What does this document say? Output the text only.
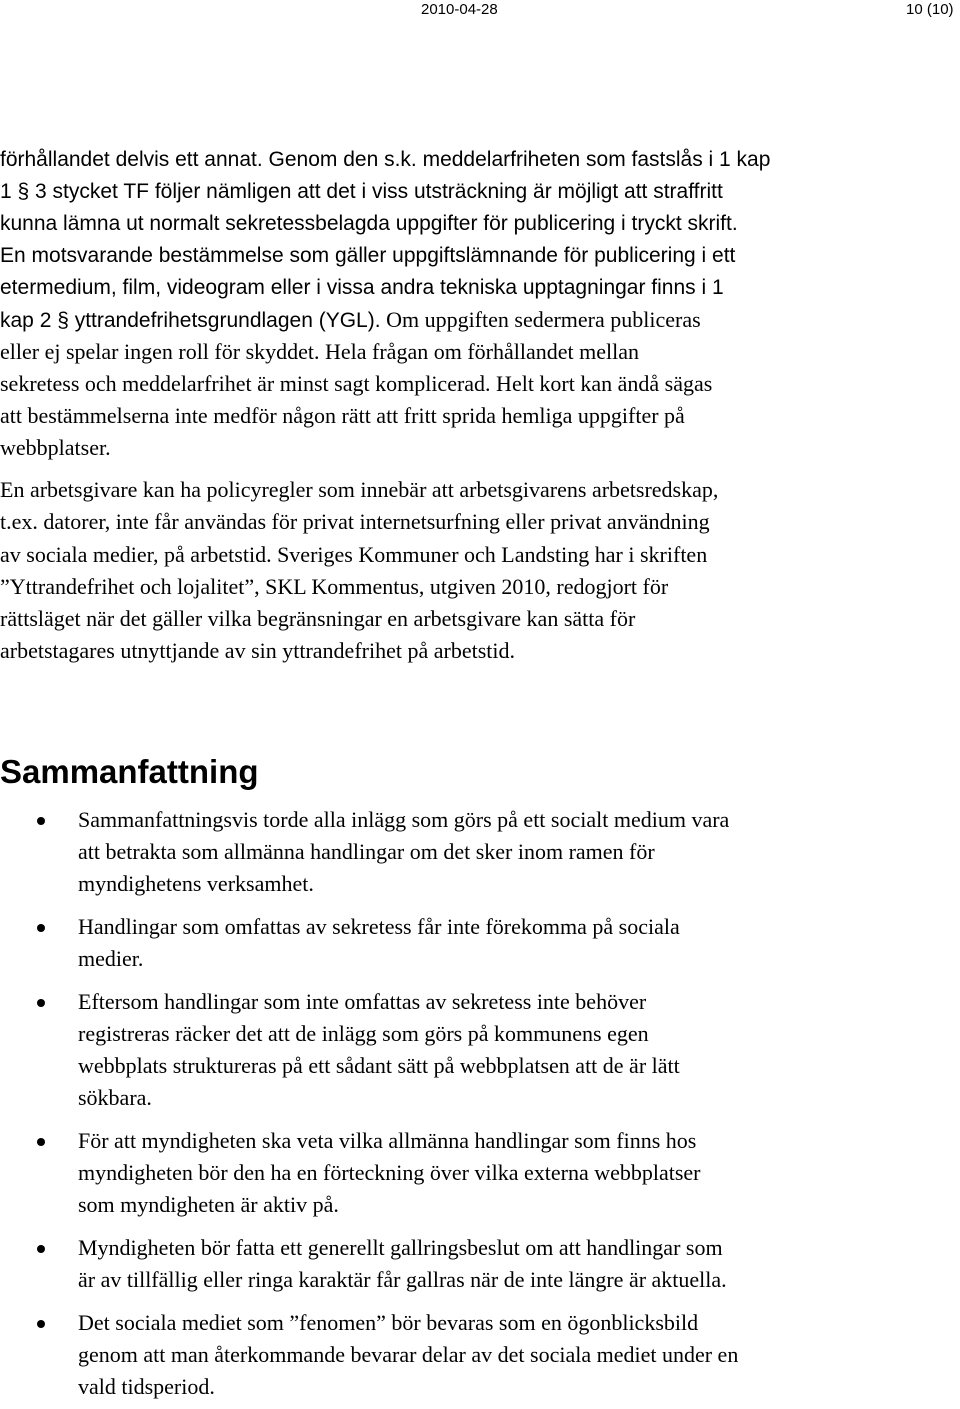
2010-04-28	10 (10)
förhållandet delvis ett annat. Genom den s.k. meddelarfriheten som fastslås i 1 kap
1 § 3 stycket TF följer nämligen att det i viss utsträckning är möjligt att straffritt
kunna lämna ut normalt sekretessbelagda uppgifter för publicering i tryckt skrift.
En motsvarande bestämmelse som gäller uppgiftslämnande för publicering i ett
etermedium, film, videogram eller i vissa andra tekniska upptagningar finns i 1
kap 2 § yttrandefrihetsgrundlagen (YGL). Om uppgiften sedermera publiceras
eller ej spelar ingen roll för skyddet. Hela frågan om förhållandet mellan
sekretess och meddelarfrihet är minst sagt komplicerad. Helt kort kan ändå sägas
att bestämmelserna inte medför någon rätt att fritt sprida hemliga uppgifter på
webbplatser.
En arbetsgivare kan ha policyregler som innebär att arbetsgivarens arbetsredskap,
t.ex. datorer, inte får användas för privat internetsurfning eller privat användning
av sociala medier, på arbetstid. Sveriges Kommuner och Landsting har i skriften
”Yttrandefrihet och lojalitet”, SKL Kommentus, utgiven 2010, redogjort för
rättsläget när det gäller vilka begränsningar en arbetsgivare kan sätta för
arbetstagares utnyttjande av sin yttrandefrihet på arbetstid.
Sammanfattning
Sammanfattningsvis torde alla inlägg som görs på ett socialt medium vara
att betrakta som allmänna handlingar om det sker inom ramen för
myndighetens verksamhet.
Handlingar som omfattas av sekretess får inte förekomma på sociala
medier.
Eftersom handlingar som inte omfattas av sekretess inte behöver
registreras räcker det att de inlägg som görs på kommunens egen
webbplats struktureras på ett sådant sätt på webbplatsen att de är lätt
sökbara.
För att myndigheten ska veta vilka allmänna handlingar som finns hos
myndigheten bör den ha en förteckning över vilka externa webbplatser
som myndigheten är aktiv på.
Myndigheten bör fatta ett generellt gallringsbeslut om att handlingar som
är av tillfällig eller ringa karaktär får gallras när de inte längre är aktuella.
Det sociala mediet som ”fenomen” bör bevaras som en ögonblicksbild
genom att man återkommande bevarar delar av det sociala mediet under en
vald tidsperiod.
